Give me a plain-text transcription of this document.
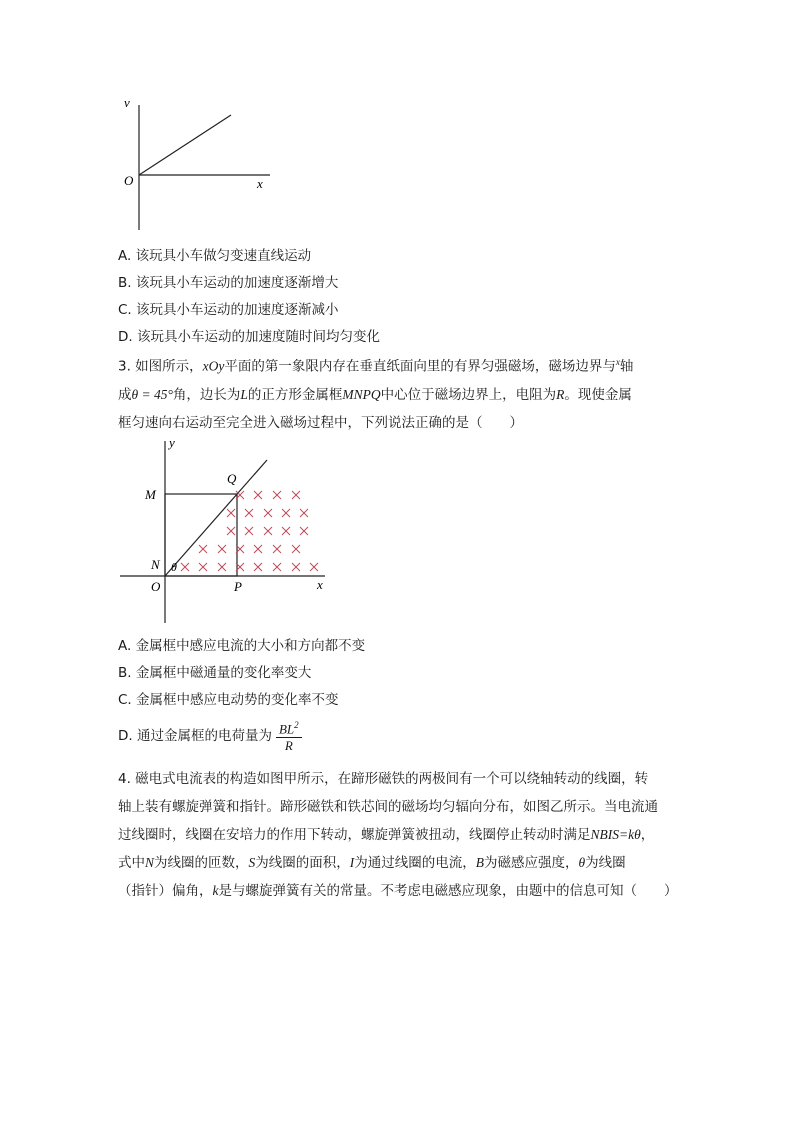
v
O	x
A. 该玩具小车做匀变速直线运动
B. 该玩具小车运动的加速度逐渐增大
C. 该玩具小车运动的加速度逐渐减小
D. 该玩具小车运动的加速度随时间均匀变化
3. 如图所示，xOy平面的第一象限内存在垂直纸面向里的有界匀强磁场，磁场边界与$^x$轴
成θ = 45°角，边长为L的正方形金属框MNPQ中心位于磁场边界上，电阻为R。现使金属
框匀速向右运动至完全进入磁场过程中，下列说法正确的是（　　）
y
x
M
Q
N θ
O	P
A. 金属框中感应电流的大小和方向都不变
B. 金属框中磁通量的变化率变大
C. 金属框中感应电动势的变化率不变
D. 通过金属框的电荷量为 $\frac{BL^2}{R}$
4. 磁电式电流表的构造如图甲所示，在蹄形磁铁的两极间有一个可以绕轴转动的线圈，转
轴上装有螺旋弹簧和指针。蹄形磁铁和铁芯间的磁场均匀辐向分布，如图乙所示。当电流通
过线圈时，线圈在安培力的作用下转动，螺旋弹簧被扭动，线圈停止转动时满足NBIS=kθ，
式中N为线圈的匝数，S为线圈的面积，I为通过线圈的电流，B为磁感应强度，θ为线圈
（指针）偏角，k是与螺旋弹簧有关的常量。不考虑电磁感应现象，由题中的信息可知（　　）
